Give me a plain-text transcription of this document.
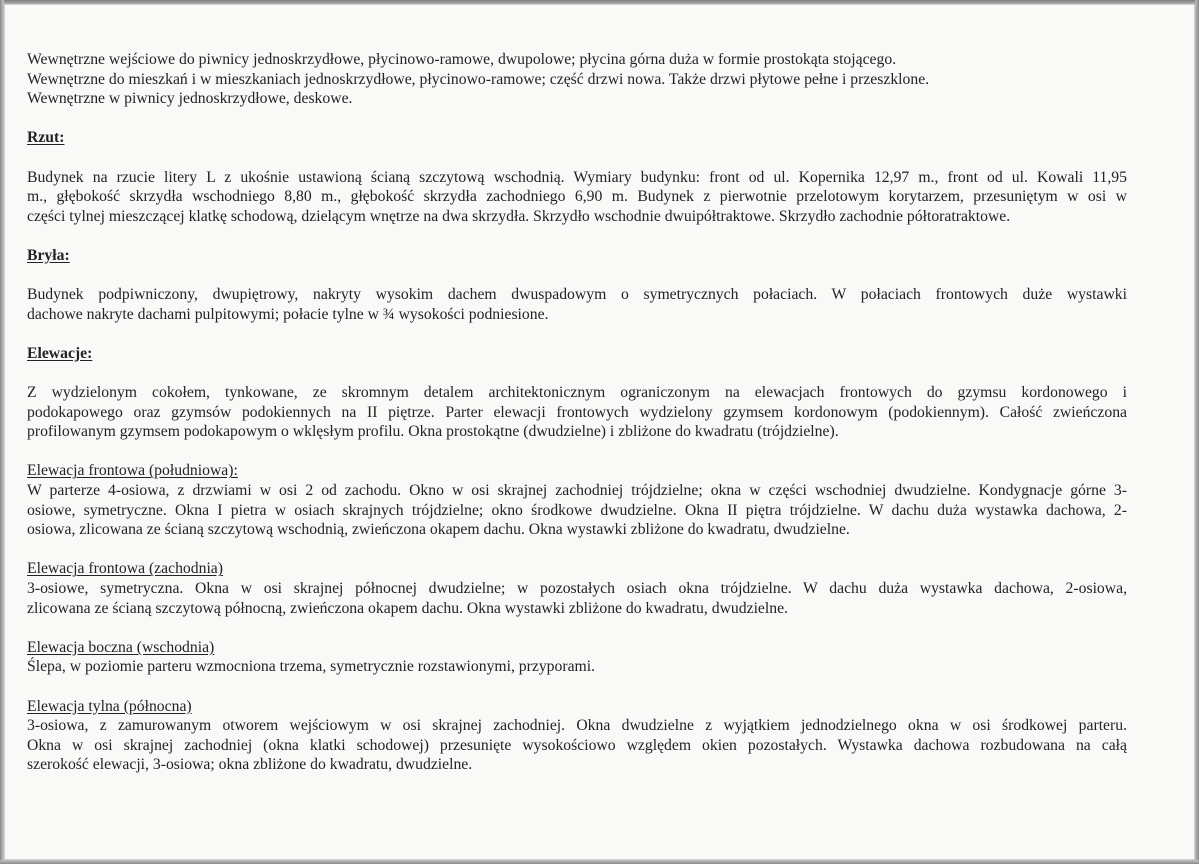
Wewnętrzne wejściowe do piwnicy jednoskrzydłowe, płycinowo-ramowe, dwupolowe; płycina górna duża w formie prostokąta stojącego.
Wewnętrzne do mieszkań i w mieszkaniach jednoskrzydłowe, płycinowo-ramowe; część drzwi nowa. Także drzwi płytowe pełne i przeszklone.
Wewnętrzne w piwnicy jednoskrzydłowe, deskowe.
Rzut:
Budynek na rzucie litery L z ukośnie ustawioną ścianą szczytową wschodnią. Wymiary budynku: front od ul. Kopernika 12,97 m., front od ul. Kowali 11,95
m., głębokość skrzydła wschodniego 8,80 m., głębokość skrzydła zachodniego 6,90 m. Budynek z pierwotnie przelotowym korytarzem, przesuniętym w osi w
części tylnej mieszczącej klatkę schodową, dzielącym wnętrze na dwa skrzydła. Skrzydło wschodnie dwuipółtraktowe. Skrzydło zachodnie półtoratraktowe.
Bryła:
Budynek podpiwniczony, dwupiętrowy, nakryty wysokim dachem dwuspadowym o symetrycznych połaciach. W połaciach frontowych duże wystawki
dachowe nakryte dachami pulpitowymi; połacie tylne w ¾ wysokości podniesione.
Elewacje:
Z wydzielonym cokołem, tynkowane, ze skromnym detalem architektonicznym ograniczonym na elewacjach frontowych do gzymsu kordonowego i
podokapowego oraz gzymsów podokiennych na II piętrze. Parter elewacji frontowych wydzielony gzymsem kordonowym (podokiennym). Całość zwieńczona
profilowanym gzymsem podokapowym o wklęsłym profilu. Okna prostokątne (dwudzielne) i zbliżone do kwadratu (trójdzielne).
Elewacja frontowa (południowa):
W parterze 4-osiowa, z drzwiami w osi 2 od zachodu. Okno w osi skrajnej zachodniej trójdzielne; okna w części wschodniej dwudzielne. Kondygnacje górne 3-
osiowe, symetryczne. Okna I pietra w osiach skrajnych trójdzielne; okno środkowe dwudzielne. Okna II piętra trójdzielne. W dachu duża wystawka dachowa, 2-
osiowa, zlicowana ze ścianą szczytową wschodnią, zwieńczona okapem dachu. Okna wystawki zbliżone do kwadratu, dwudzielne.
Elewacja frontowa (zachodnia)
3-osiowe, symetryczna. Okna w osi skrajnej północnej dwudzielne; w pozostałych osiach okna trójdzielne. W dachu duża wystawka dachowa, 2-osiowa,
zlicowana ze ścianą szczytową północną, zwieńczona okapem dachu. Okna wystawki zbliżone do kwadratu, dwudzielne.
Elewacja boczna (wschodnia)
Ślepa, w poziomie parteru wzmocniona trzema, symetrycznie rozstawionymi, przyporami.
Elewacja tylna (północna)
3-osiowa, z zamurowanym otworem wejściowym w osi skrajnej zachodniej. Okna dwudzielne z wyjątkiem jednodzielnego okna w osi środkowej parteru.
Okna w osi skrajnej zachodniej (okna klatki schodowej) przesunięte wysokościowo względem okien pozostałych. Wystawka dachowa rozbudowana na całą
szerokość elewacji, 3-osiowa; okna zbliżone do kwadratu, dwudzielne.
